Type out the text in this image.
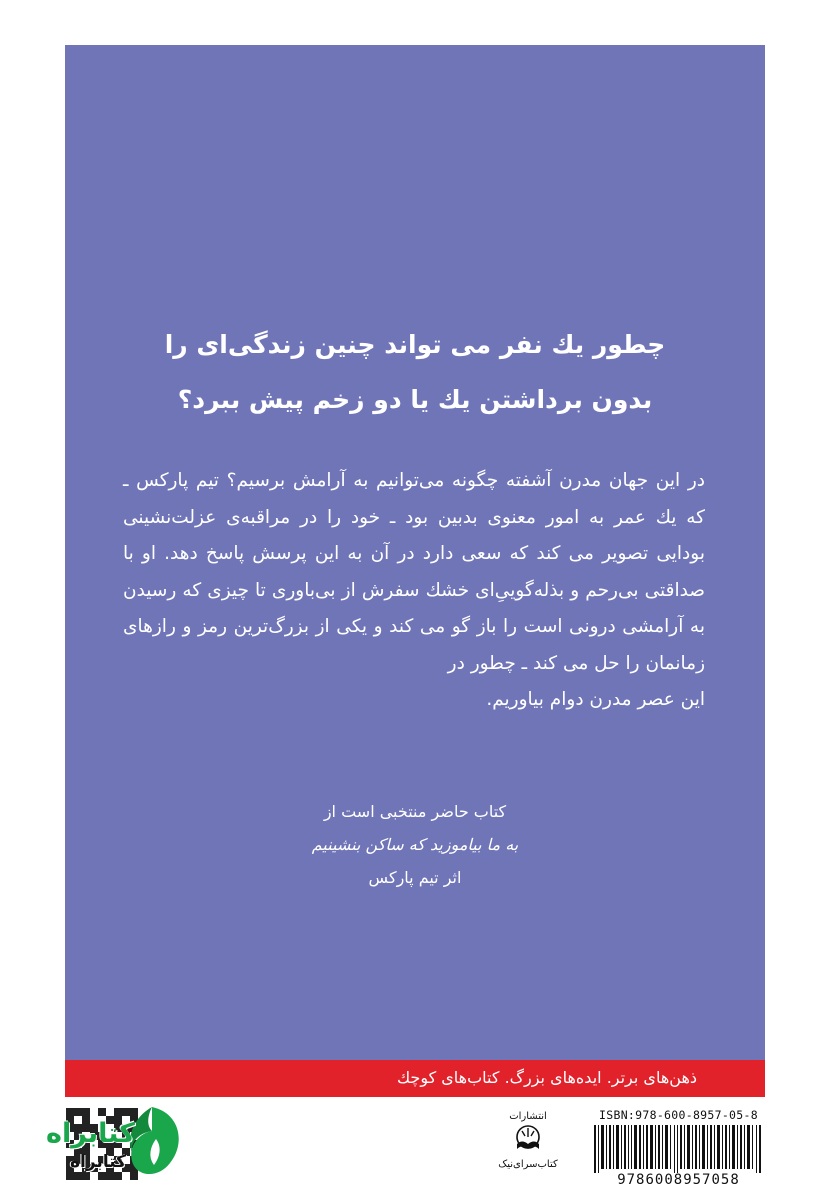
چطور یك نفر می تواند چنین زندگی‌ای را
بدون برداشتن یك یا دو زخم پیش ببرد؟

در این جهان مدرن آشفته چگونه می‌توانیم به آرامش برسیم؟ تیم پارکس ـ که یك عمر به امور معنوی بدبین بود ـ خود را در مراقبه‌ی عزلت‌نشینی بودایی تصویر می کند که سعی دارد در آن به این پرسش پاسخ دهد. او با صداقتی بی‌رحم و بذله‌گوییِ‌ای خشك سفرش از بی‌باوری تا چیزی که رسیدن به آرامشی درونی است را باز گو می کند و یکی از بزرگ‌ترین رمز و رازهای زمانمان را حل می کند ـ چطور در

این عصر مدرن دوام بیاوریم.

کتاب حاضر منتخبی است از
به ما بیاموزید که ساکن بنشینیم
اثر تیم پارکس
ذهن‌های برتر. ایده‌های بزرگ. کتاب‌های کوچك
کتابراه
کتابراه
انتشارات
کتاب‌سرای‌نیک
ISBN:978-600-8957-05-8
9786008957058
